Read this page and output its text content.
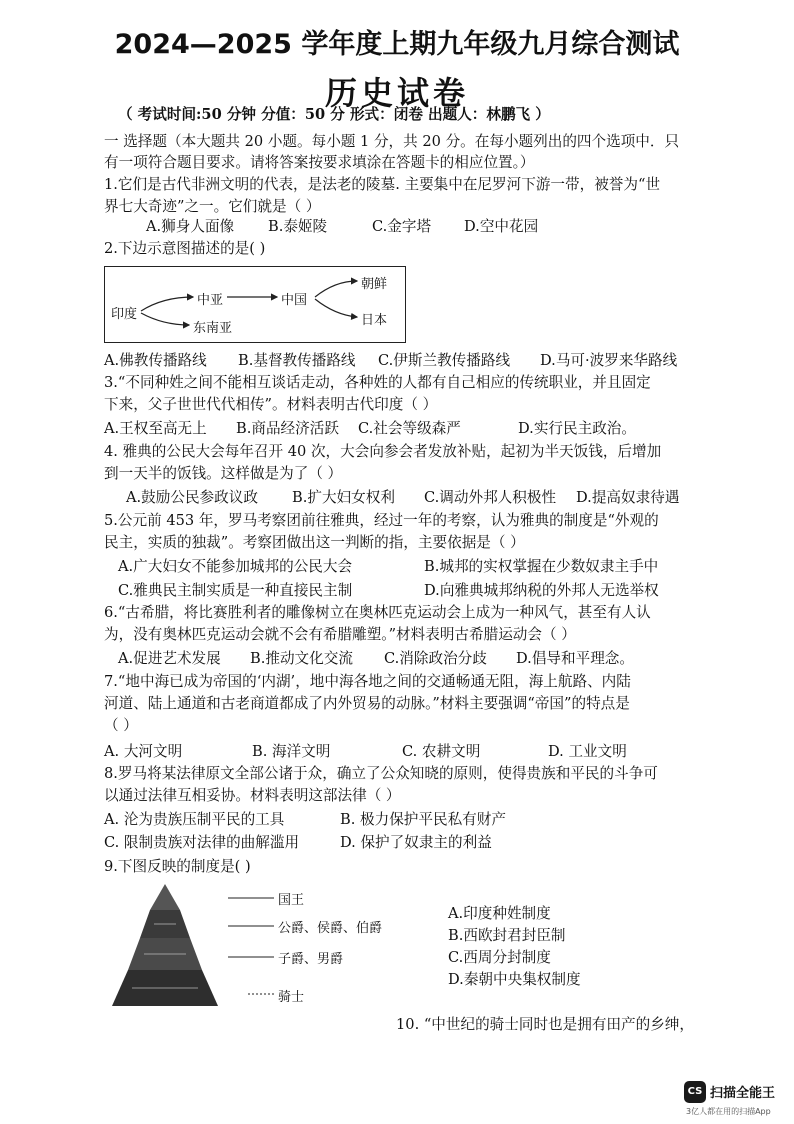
2024—2025 学年度上期九年级九月综合测试
历史试卷
（ 考试时间:50 分钟 分值：50 分 形式：闭卷 出题人：林鹏飞 ）
一 选择题（本大题共 20 小题。每小题 1 分，共 20 分。在每小题列出的四个选项中．只
有一项符合题目要求。请将答案按要求填涂在答题卡的相应位置。）
1.它们是古代非洲文明的代表，是法老的陵墓. 主要集中在尼罗河下游一带，被誉为“世
界七大奇迹”之一。它们就是（ ）
A.狮身人面像 B.泰姬陵	C.金字塔 D.空中花园
2.下边示意图描述的是( )
印度
中亚
东南亚
中国
朝鲜
日本
A.佛教传播路线 B.基督教传播路线 C.伊斯兰教传播路线 D.马可·波罗来华路线
3.“不同种姓之间不能相互谈话走动，各种姓的人都有自己相应的传统职业，并且固定
下来，父子世世代代相传”。材料表明古代印度（ ）
A.王权至高无上 B.商品经济活跃 C.社会等级森严	D.实行民主政治。
4. 雅典的公民大会每年召开 40 次，大会向参会者发放补贴，起初为半天饭钱，后增加
到一天半的饭钱。这样做是为了（ ）
A.鼓励公民参政议政 B.扩大妇女权利 C.调动外邦人积极性 D.提高奴隶待遇
5.公元前 453 年，罗马考察团前往雅典，经过一年的考察，认为雅典的制度是“外观的
民主，实质的独裁”。考察团做出这一判断的指，主要依据是（ ）
A.广大妇女不能参加城邦的公民大会	B.城邦的实权掌握在少数奴隶主手中
C.雅典民主制实质是一种直接民主制	D.向雅典城邦纳税的外邦人无选举权
6.“古希腊，将比赛胜利者的雕像树立在奥林匹克运动会上成为一种风气，甚至有人认
为，没有奥林匹克运动会就不会有希腊雕塑。”材料表明古希腊运动会（ ）
A.促进艺术发展 B.推动文化交流 C.消除政治分歧 D.倡导和平理念。
7.“地中海已成为帝国的‘内湖’，地中海各地之间的交通畅通无阻，海上航路、内陆
河道、陆上通道和古老商道都成了内外贸易的动脉。”材料主要强调“帝国”的特点是
（ ）
A. 大河文明	B. 海洋文明	C. 农耕文明	D. 工业文明
8.罗马将某法律原文全部公诸于众，确立了公众知晓的原则，使得贵族和平民的斗争可
以通过法律互相妥协。材料表明这部法律（ ）
A. 沦为贵族压制平民的工具	B. 极力保护平民私有财产
C. 限制贵族对法律的曲解滥用	D. 保护了奴隶主的利益
9.下图反映的制度是( )
国王
公爵、侯爵、伯爵
子爵、男爵
骑士
A.印度种姓制度
B.西欧封君封臣制
C.西周分封制度
D.秦朝中央集权制度
10. “中世纪的骑士同时也是拥有田产的乡绅，
CS 扫描全能王
3亿人都在用的扫描App
